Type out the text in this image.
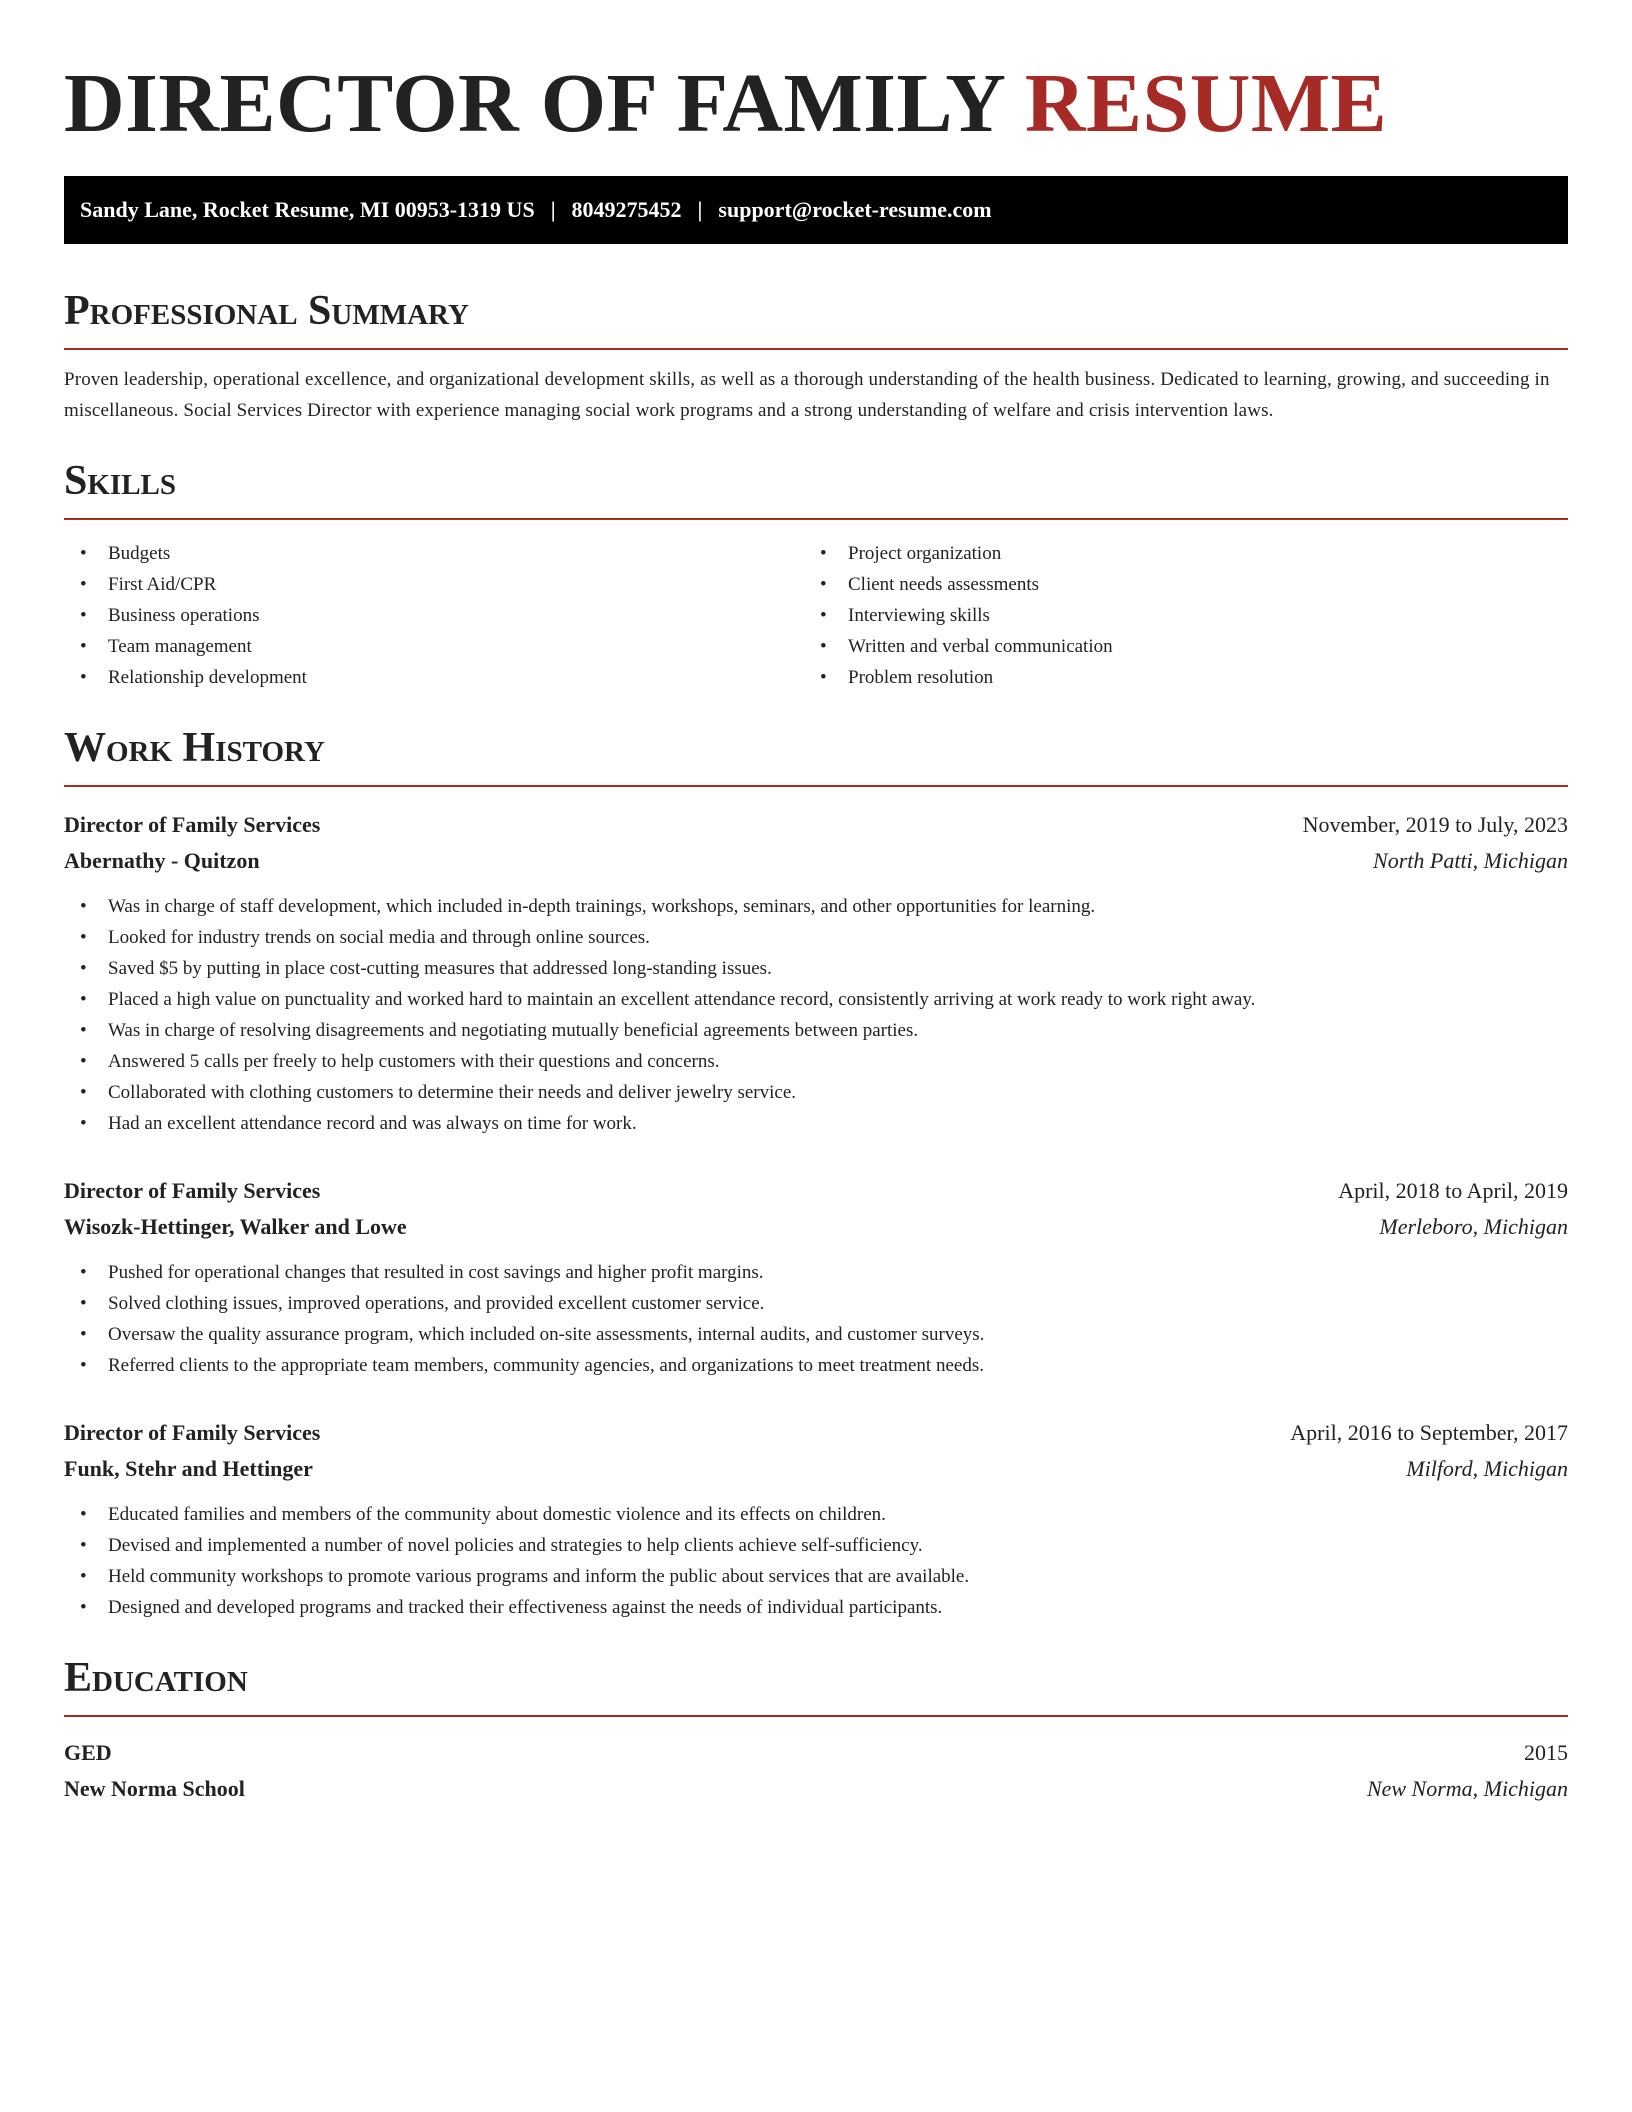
DIRECTOR OF FAMILY RESUME
Sandy Lane, Rocket Resume, MI 00953-1319 US | 8049275452 | support@rocket-resume.com
Professional Summary

Proven leadership, operational excellence, and organizational development skills, as well as a thorough understanding of the health business. Dedicated to learning, growing, and succeeding in miscellaneous. Social Services Director with experience managing social work programs and a strong understanding of welfare and crisis intervention laws.

Skills
• Budgets
• First Aid/CPR
• Business operations
• Team management
• Relationship development
• Project organization
• Client needs assessments
• Interviewing skills
• Written and verbal communication
• Problem resolution
Work History
Director of Family Services	November, 2019 to July, 2023
Abernathy - Quitzon	North Patti, Michigan
• Was in charge of staff development, which included in-depth trainings, workshops, seminars, and other opportunities for learning.
• Looked for industry trends on social media and through online sources.
• Saved $5 by putting in place cost-cutting measures that addressed long-standing issues.
• Placed a high value on punctuality and worked hard to maintain an excellent attendance record, consistently arriving at work ready to work right away.
• Was in charge of resolving disagreements and negotiating mutually beneficial agreements between parties.
• Answered 5 calls per freely to help customers with their questions and concerns.
• Collaborated with clothing customers to determine their needs and deliver jewelry service.
• Had an excellent attendance record and was always on time for work.
Director of Family Services	April, 2018 to April, 2019
Wisozk-Hettinger, Walker and Lowe	Merleboro, Michigan
• Pushed for operational changes that resulted in cost savings and higher profit margins.
• Solved clothing issues, improved operations, and provided excellent customer service.
• Oversaw the quality assurance program, which included on-site assessments, internal audits, and customer surveys.
• Referred clients to the appropriate team members, community agencies, and organizations to meet treatment needs.
Director of Family Services	April, 2016 to September, 2017
Funk, Stehr and Hettinger	Milford, Michigan
• Educated families and members of the community about domestic violence and its effects on children.
• Devised and implemented a number of novel policies and strategies to help clients achieve self-sufficiency.
• Held community workshops to promote various programs and inform the public about services that are available.
• Designed and developed programs and tracked their effectiveness against the needs of individual participants.
Education
GED	2015
New Norma School	New Norma, Michigan
